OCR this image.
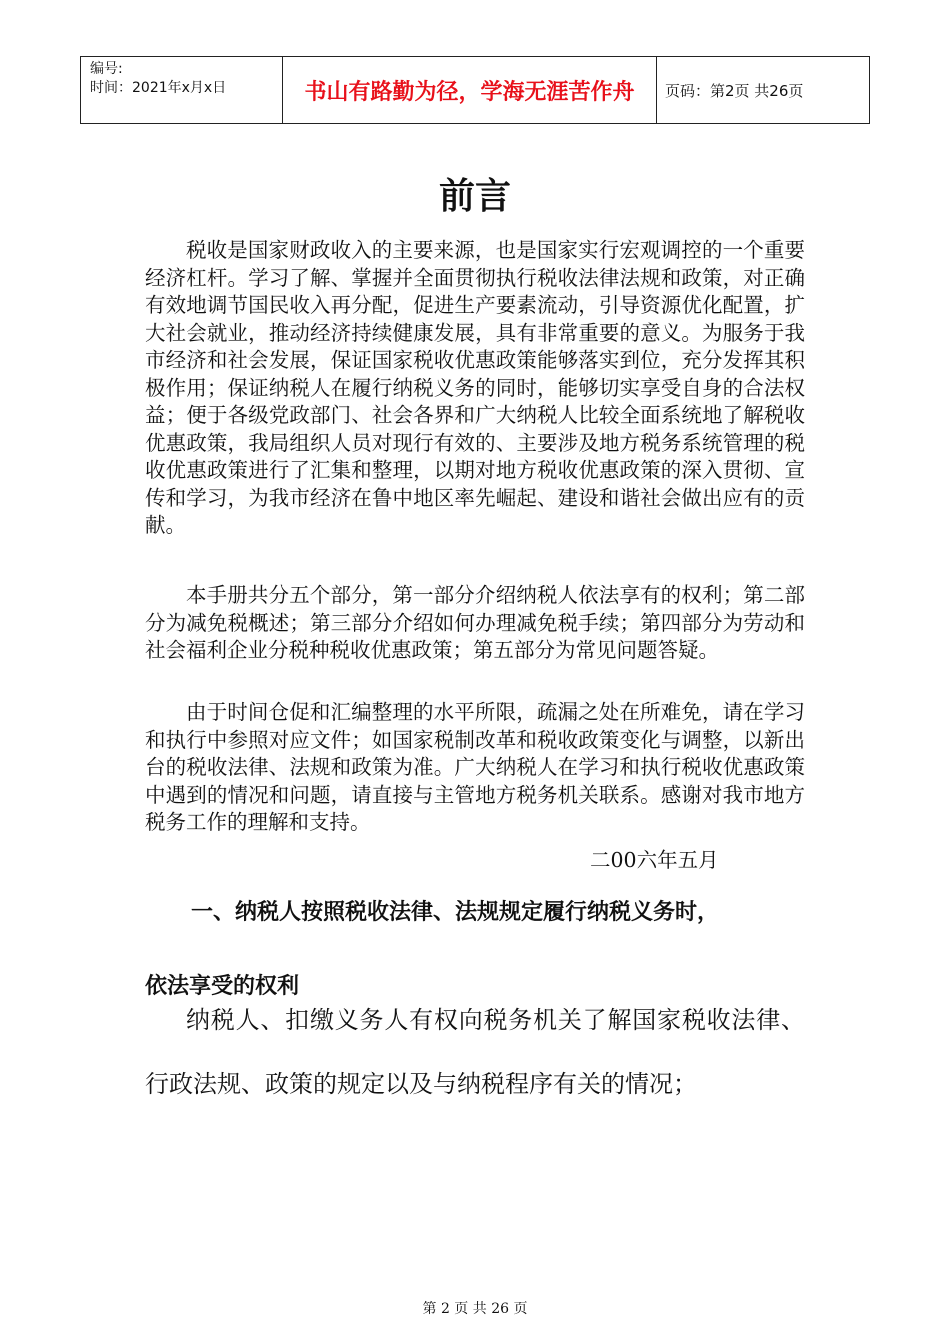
编号:
时间：2021年x月x日	书山有路勤为径，学海无涯苦作舟 页码：第2页 共26页
前言
税收是国家财政收入的主要来源，也是国家实行宏观调控的一个重要经济杠杆。学习了解、掌握并全面贯彻执行税收法律法规和政策，对正确有效地调节国民收入再分配，促进生产要素流动，引导资源优化配置，扩大社会就业，推动经济持续健康发展，具有非常重要的意义。为服务于我市经济和社会发展，保证国家税收优惠政策能够落实到位，充分发挥其积极作用；保证纳税人在履行纳税义务的同时，能够切实享受自身的合法权益；便于各级党政部门、社会各界和广大纳税人比较全面系统地了解税收优惠政策，我局组织人员对现行有效的、主要涉及地方税务系统管理的税收优惠政策进行了汇集和整理，以期对地方税收优惠政策的深入贯彻、宣传和学习，为我市经济在鲁中地区率先崛起、建设和谐社会做出应有的贡献。
本手册共分五个部分，第一部分介绍纳税人依法享有的权利；第二部分为减免税概述；第三部分介绍如何办理减免税手续；第四部分为劳动和社会福利企业分税种税收优惠政策；第五部分为常见问题答疑。
由于时间仓促和汇编整理的水平所限，疏漏之处在所难免，请在学习和执行中参照对应文件；如国家税制改革和税收政策变化与调整，以新出台的税收法律、法规和政策为准。广大纳税人在学习和执行税收优惠政策中遇到的情况和问题，请直接与主管地方税务机关联系。感谢对我市地方税务工作的理解和支持。
二00六年五月
一、纳税人按照税收法律、法规规定履行纳税义务时，
依法享受的权利
纳税人、扣缴义务人有权向税务机关了解国家税收法律、行政法规、政策的规定以及与纳税程序有关的情况；
第 2 页 共 26 页
